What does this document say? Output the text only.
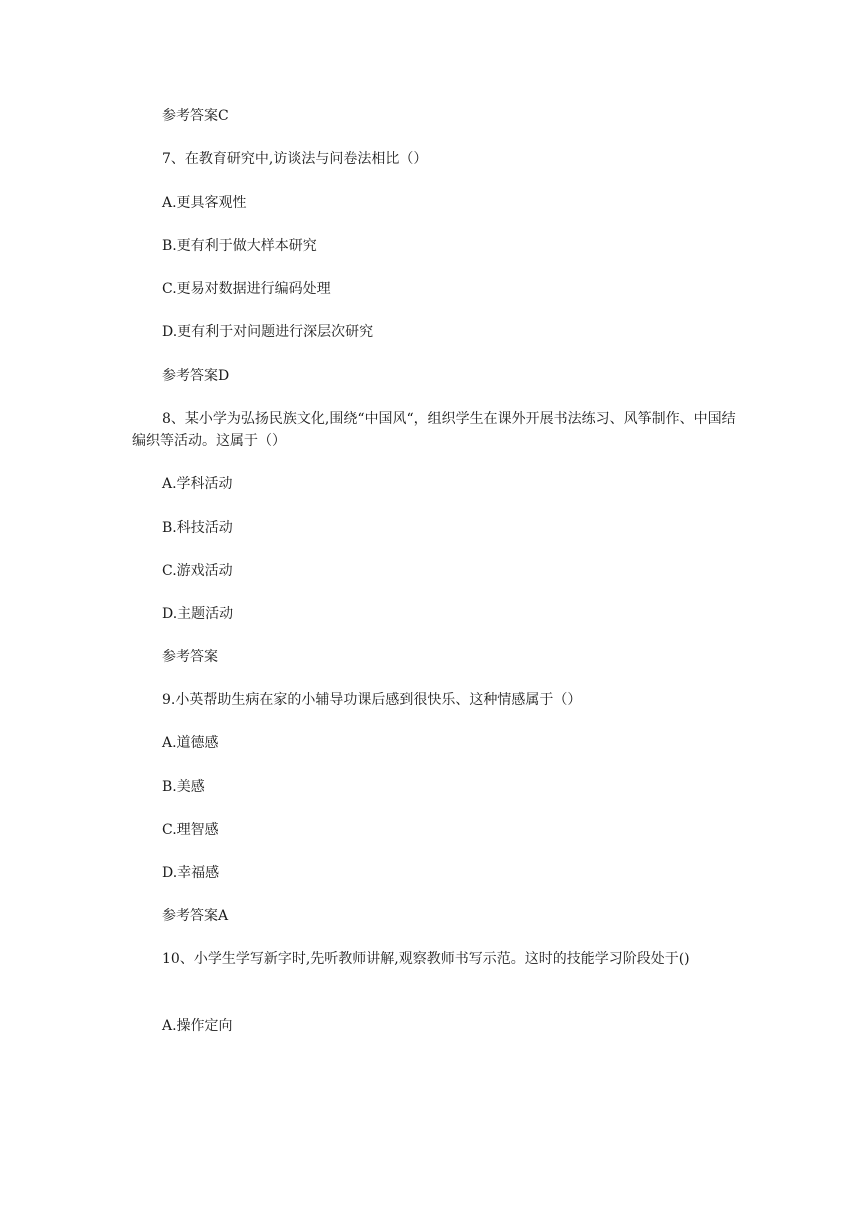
参考答案C
7、在教育研究中,访谈法与问卷法相比（）
A.更具客观性
B.更有利于做大样本研究
C.更易对数据进行编码处理
D.更有利于对问题进行深层次研究
参考答案D
8、某小学为弘扬民族文化,围绕“中国风“，组织学生在课外开展书法练习、风筝制作、中国结编织等活动。这属于（）
A.学科活动
B.科技活动
C.游戏活动
D.主题活动
参考答案
9.小英帮助生病在家的小辅导功课后感到很快乐、这种情感属于（）
A.道德感
B.美感
C.理智感
D.幸福感
参考答案A
10、小学生学写新字时,先听教师讲解,观察教师书写示范。这时的技能学习阶段处于()
A.操作定向
